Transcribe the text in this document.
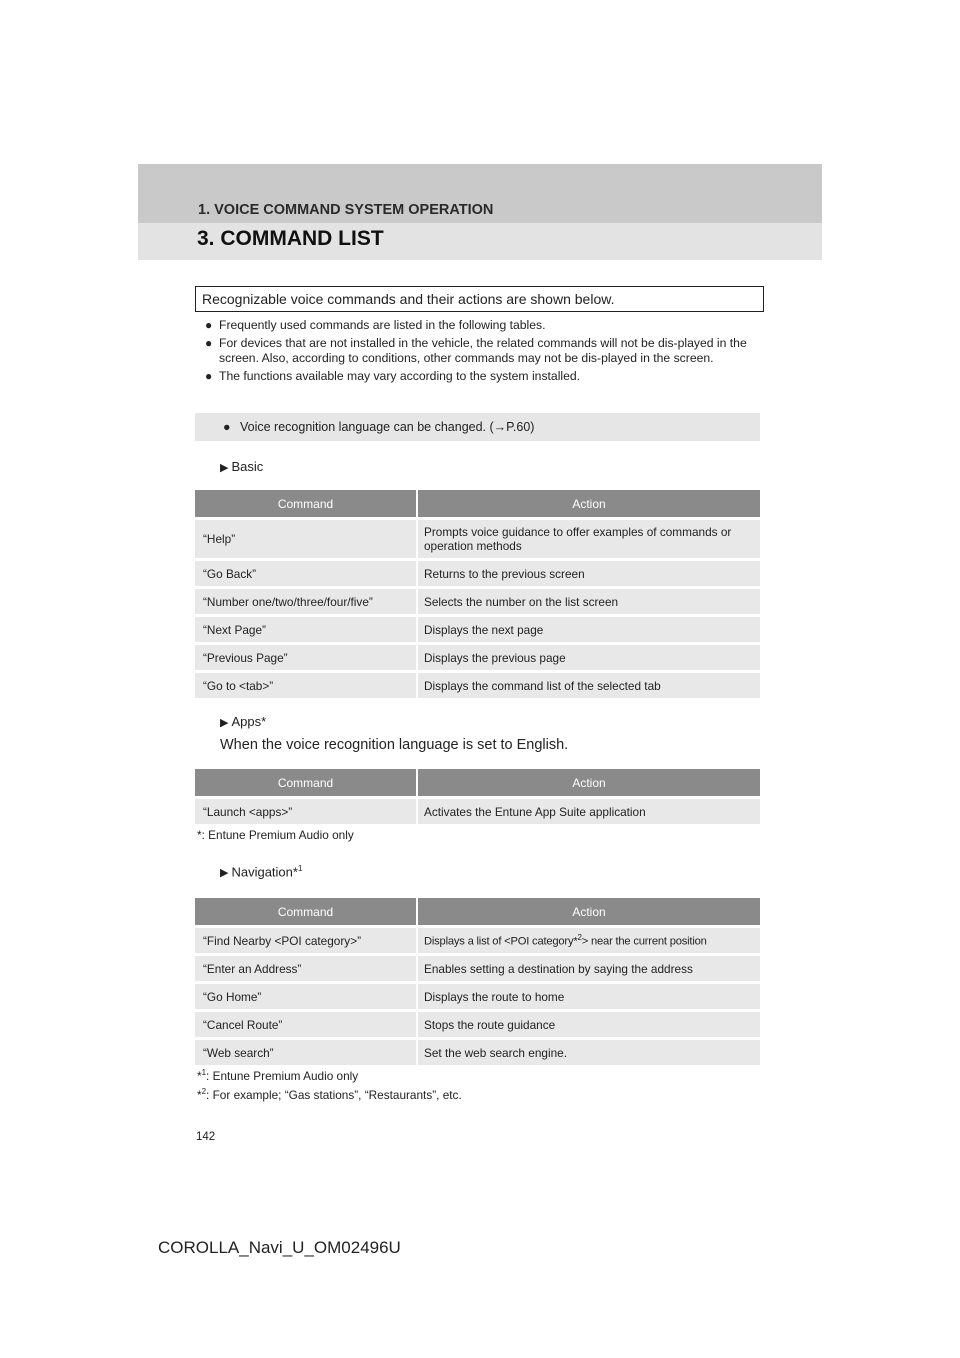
1. VOICE COMMAND SYSTEM OPERATION
3. COMMAND LIST
Recognizable voice commands and their actions are shown below.
● Frequently used commands are listed in the following tables.
● For devices that are not installed in the vehicle, the related commands will not be dis-played in the screen. Also, according to conditions, other commands may not be dis-played in the screen.
● The functions available may vary according to the system installed.
● Voice recognition language can be changed. (→P.60)
▶ Basic
Command	Action
“Help”	Prompts voice guidance to offer examples of commands or operation methods
“Go Back”	Returns to the previous screen
“Number one/two/three/four/five”	Selects the number on the list screen
“Next Page”	Displays the next page
“Previous Page”	Displays the previous page
“Go to <tab>”	Displays the command list of the selected tab
▶ Apps*
When the voice recognition language is set to English.
Command	Action
“Launch <apps>”	Activates the Entune App Suite application
*: Entune Premium Audio only
▶ Navigation*$^1$
Command	Action
“Find Nearby <POI category>”	Displays a list of <POI category*$^2$> near the current position
“Enter an Address”	Enables setting a destination by saying the address
“Go Home”	Displays the route to home
“Cancel Route”	Stops the route guidance
“Web search”	Set the web search engine.
*$^1$: Entune Premium Audio only
*$^2$: For example; “Gas stations”, “Restaurants”, etc.
142
COROLLA_Navi_U_OM02496U
